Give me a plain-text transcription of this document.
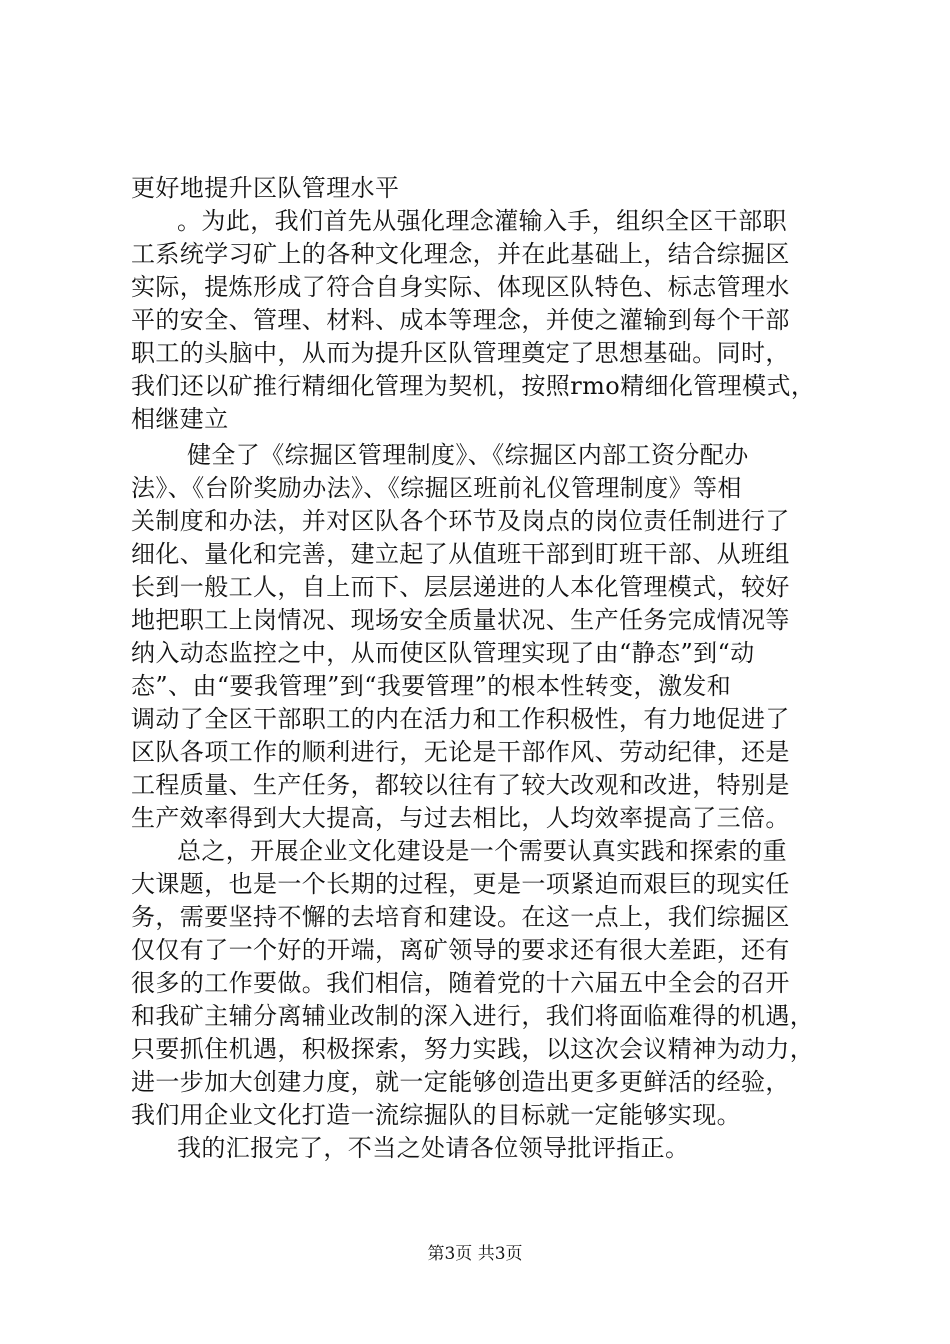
更好地提升区队管理水平
。为此，我们首先从强化理念灌输入手，组织全区干部职
工系统学习矿上的各种文化理念，并在此基础上，结合综掘区
实际，提炼形成了符合自身实际、体现区队特色、标志管理水
平的安全、管理、材料、成本等理念，并使之灌输到每个干部
职工的头脑中，从而为提升区队管理奠定了思想基础。同时，
我们还以矿推行精细化管理为契机，按照rmo精细化管理模式，
相继建立
健全了《综掘区管理制度》、《综掘区内部工资分配办
法》、《台阶奖励办法》、《综掘区班前礼仪管理制度》等相
关制度和办法，并对区队各个环节及岗点的岗位责任制进行了
细化、量化和完善，建立起了从值班干部到盯班干部、从班组
长到一般工人，自上而下、层层递进的人本化管理模式，较好
地把职工上岗情况、现场安全质量状况、生产任务完成情况等
纳入动态监控之中，从而使区队管理实现了由“静态”到“动
态”、由“要我管理”到“我要管理”的根本性转变，激发和
调动了全区干部职工的内在活力和工作积极性，有力地促进了
区队各项工作的顺利进行，无论是干部作风、劳动纪律，还是
工程质量、生产任务，都较以往有了较大改观和改进，特别是
生产效率得到大大提高，与过去相比，人均效率提高了三倍。
总之，开展企业文化建设是一个需要认真实践和探索的重
大课题，也是一个长期的过程，更是一项紧迫而艰巨的现实任
务，需要坚持不懈的去培育和建设。在这一点上，我们综掘区
仅仅有了一个好的开端，离矿领导的要求还有很大差距，还有
很多的工作要做。我们相信，随着党的十六届五中全会的召开
和我矿主辅分离辅业改制的深入进行，我们将面临难得的机遇，
只要抓住机遇，积极探索，努力实践，以这次会议精神为动力，
进一步加大创建力度，就一定能够创造出更多更鲜活的经验，
我们用企业文化打造一流综掘队的目标就一定能够实现。
我的汇报完了，不当之处请各位领导批评指正。
第3页 共3页
